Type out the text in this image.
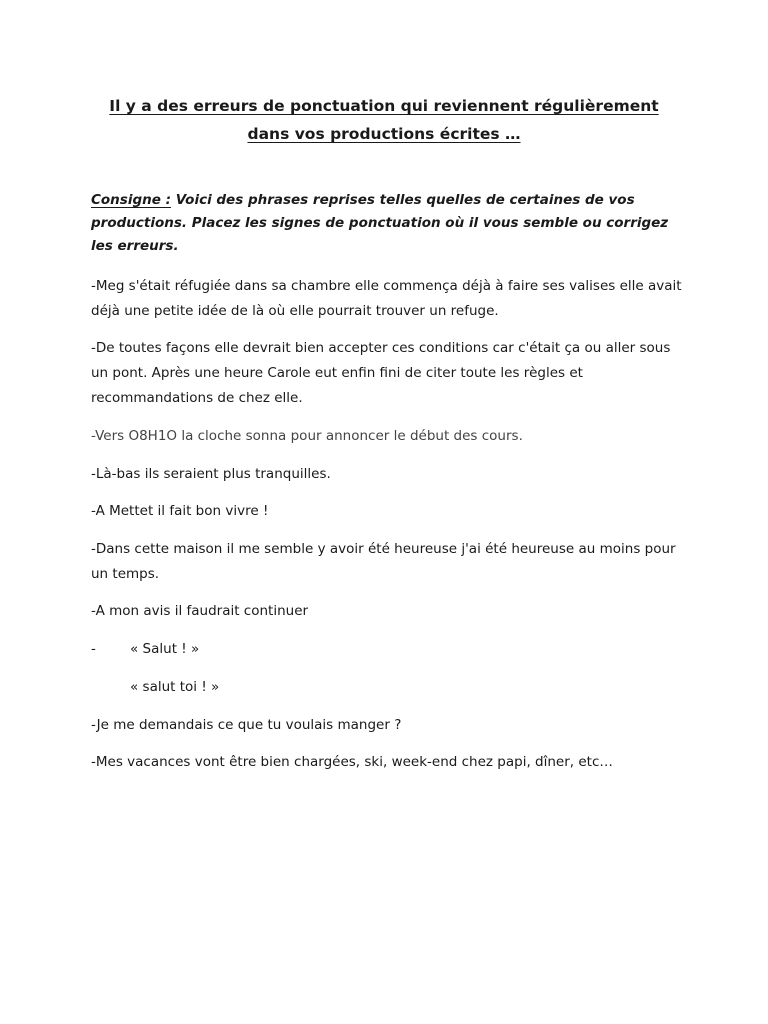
Il y a des erreurs de ponctuation qui reviennent régulièrement
dans vos productions écrites …
Consigne : Voici des phrases reprises telles quelles de certaines de vos productions. Placez les signes de ponctuation où il vous semble ou corrigez les erreurs.
-Meg s'était réfugiée dans sa chambre elle commença déjà à faire ses valises elle avait déjà une petite idée de là où elle pourrait trouver un refuge.
-De toutes façons elle devrait bien accepter ces conditions car c'était ça ou aller sous un pont. Après une heure Carole eut enfin fini de citer toute les règles et recommandations de chez elle.
-Vers O8H1O la cloche sonna pour annoncer le début des cours.
-Là-bas ils seraient plus tranquilles.
-A Mettet il fait bon vivre !
-Dans cette maison il me semble y avoir été heureuse j'ai été heureuse au moins pour un temps.
-A mon avis il faudrait continuer
-	« Salut ! »
« salut toi ! »
-Je me demandais ce que tu voulais manger ?
-Mes vacances vont être bien chargées, ski, week-end chez papi, dîner, etc…
